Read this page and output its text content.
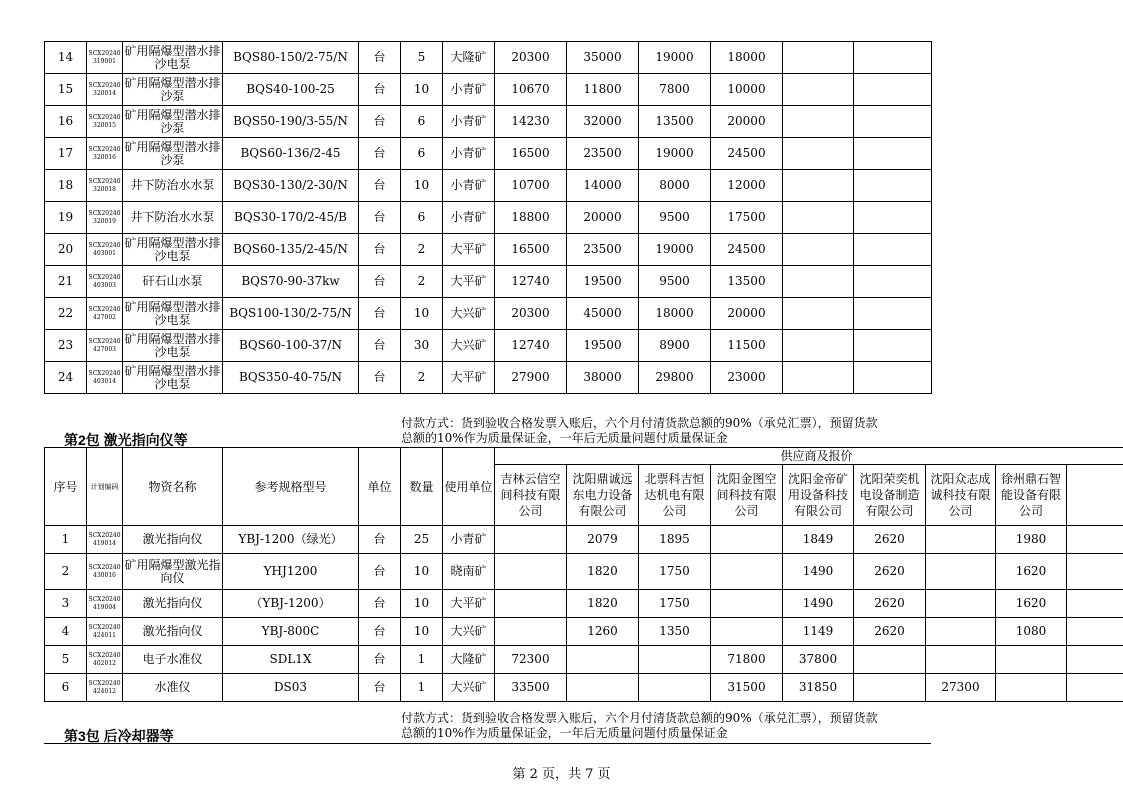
14	SCX20240319001	矿用隔爆型潜水排沙电泵	BQS80-150/2-75/N	台	5	大隆矿	20300	35000	19000	18000		
15	SCX20240320014	矿用隔爆型潜水排沙泵	BQS40-100-25	台	10	小青矿	10670	11800	7800	10000		
16	SCX20240320015	矿用隔爆型潜水排沙泵	BQS50-190/3-55/N	台	6	小青矿	14230	32000	13500	20000		
17	SCX20240320016	矿用隔爆型潜水排沙泵	BQS60-136/2-45	台	6	小青矿	16500	23500	19000	24500		
18	SCX20240320018	井下防治水水泵	BQS30-130/2-30/N	台	10	小青矿	10700	14000	8000	12000		
19	SCX20240320019	井下防治水水泵	BQS30-170/2-45/B	台	6	小青矿	18800	20000	9500	17500		
20	SCX20240403001	矿用隔爆型潜水排沙电泵	BQS60-135/2-45/N	台	2	大平矿	16500	23500	19000	24500		
21	SCX20240403003	矸石山水泵	BQS70-90-37kw	台	2	大平矿	12740	19500	9500	13500		
22	SCX20240427002	矿用隔爆型潜水排沙电泵	BQS100-130/2-75/N	台	10	大兴矿	20300	45000	18000	20000		
23	SCX20240427003	矿用隔爆型潜水排沙电泵	BQS60-100-37/N	台	30	大兴矿	12740	19500	8900	11500		
24	SCX20240403014	矿用隔爆型潜水排沙电泵	BQS350-40-75/N	台	2	大平矿	27900	38000	29800	23000		
第2包 激光指向仪等
付款方式：货到验收合格发票入账后，六个月付清货款总额的90%（承兑汇票），预留货款
总额的10%作为质量保证金，一年后无质量问题付质量保证金
序号	计划编码	物资名称	参考规格型号	单位	数量	使用单位	供应商及报价								
							吉林云信空间科技有限公司	沈阳鼎诚远东电力设备有限公司	北票科吉恒达机电有限公司	沈阳金图空间科技有限公司	沈阳金帝矿用设备科技有限公司	沈阳荣奕机电设备制造有限公司	沈阳众志成诚科技有限公司	徐州鼎石智能设备有限公司	
1	SCX20240419014	激光指向仪	YBJ-1200（绿光）	台	25	小青矿		2079	1895		1849	2620		1980	
2	SCX20240430016	矿用隔爆型激光指向仪	YHJ1200	台	10	晓南矿		1820	1750		1490	2620		1620	
3	SCX20240419004	激光指向仪	（YBJ-1200）	台	10	大平矿		1820	1750		1490	2620		1620	
4	SCX20240424011	激光指向仪	YBJ-800C	台	10	大兴矿		1260	1350		1149	2620		1080	
5	SCX20240402012	电子水准仪	SDL1X	台	1	大隆矿	72300			71800	37800				
6	SCX20240424012	水准仪	DS03	台	1	大兴矿	33500			31500	31850		27300		
第3包 后冷却器等
付款方式：货到验收合格发票入账后，六个月付清货款总额的90%（承兑汇票），预留货款
总额的10%作为质量保证金，一年后无质量问题付质量保证金
第 2 页，共 7 页
